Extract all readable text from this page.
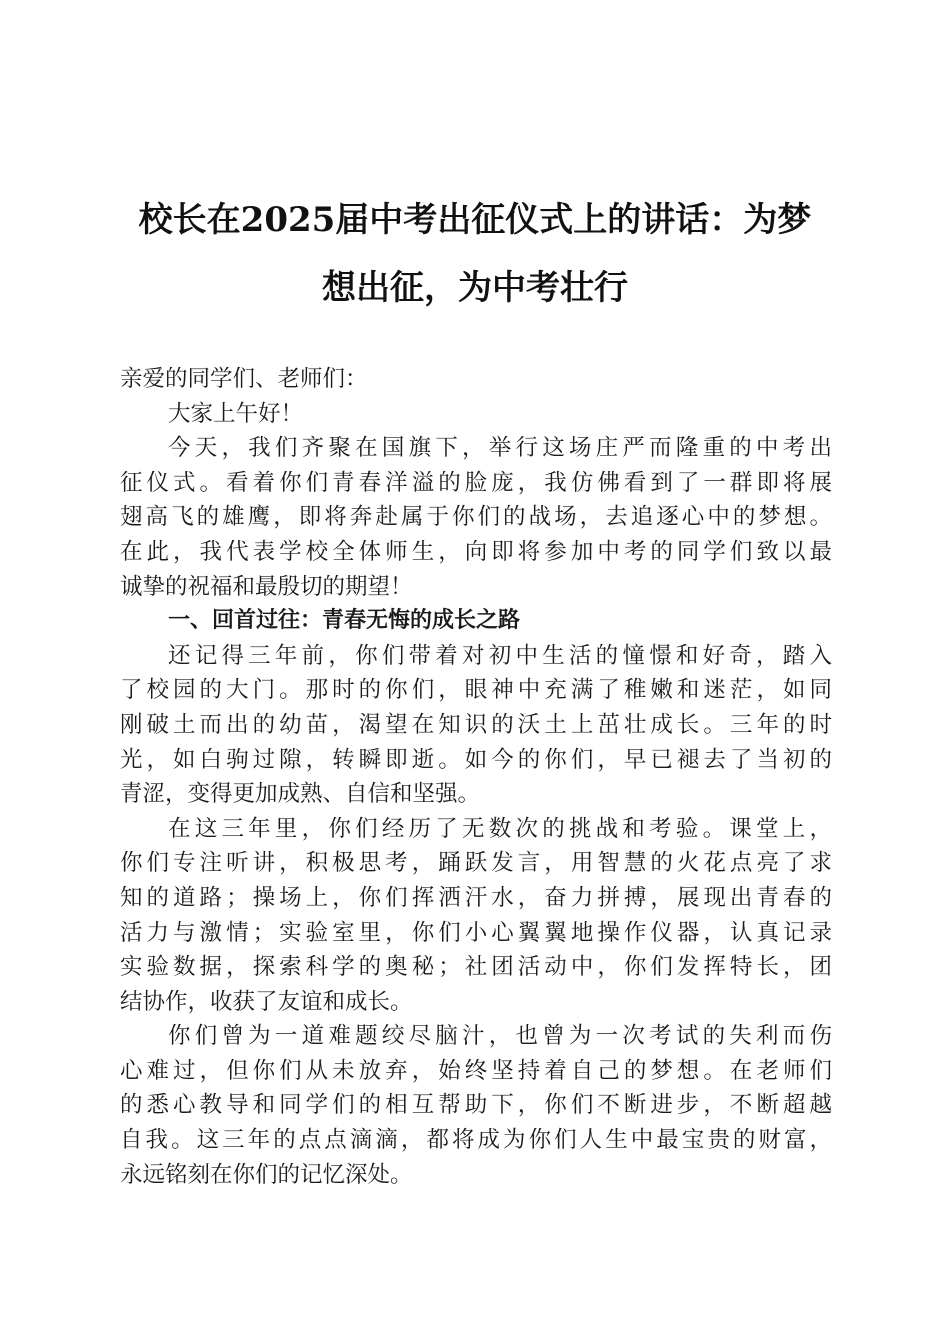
校长在2025届中考出征仪式上的讲话：为梦
想出征，为中考壮行
亲爱的同学们、老师们：
大家上午好！
今天，我们齐聚在国旗下，举行这场庄严而隆重的中考出
征仪式。看着你们青春洋溢的脸庞，我仿佛看到了一群即将展
翅高飞的雄鹰，即将奔赴属于你们的战场，去追逐心中的梦想。
在此，我代表学校全体师生，向即将参加中考的同学们致以最
诚挚的祝福和最殷切的期望！
一、回首过往：青春无悔的成长之路
还记得三年前，你们带着对初中生活的憧憬和好奇，踏入
了校园的大门。那时的你们，眼神中充满了稚嫩和迷茫，如同
刚破土而出的幼苗，渴望在知识的沃土上茁壮成长。三年的时
光，如白驹过隙，转瞬即逝。如今的你们，早已褪去了当初的
青涩，变得更加成熟、自信和坚强。
在这三年里，你们经历了无数次的挑战和考验。课堂上，
你们专注听讲，积极思考，踊跃发言，用智慧的火花点亮了求
知的道路；操场上，你们挥洒汗水，奋力拼搏，展现出青春的
活力与激情；实验室里，你们小心翼翼地操作仪器，认真记录
实验数据，探索科学的奥秘；社团活动中，你们发挥特长，团
结协作，收获了友谊和成长。
你们曾为一道难题绞尽脑汁，也曾为一次考试的失利而伤
心难过，但你们从未放弃，始终坚持着自己的梦想。在老师们
的悉心教导和同学们的相互帮助下，你们不断进步，不断超越
自我。这三年的点点滴滴，都将成为你们人生中最宝贵的财富，
永远铭刻在你们的记忆深处。
